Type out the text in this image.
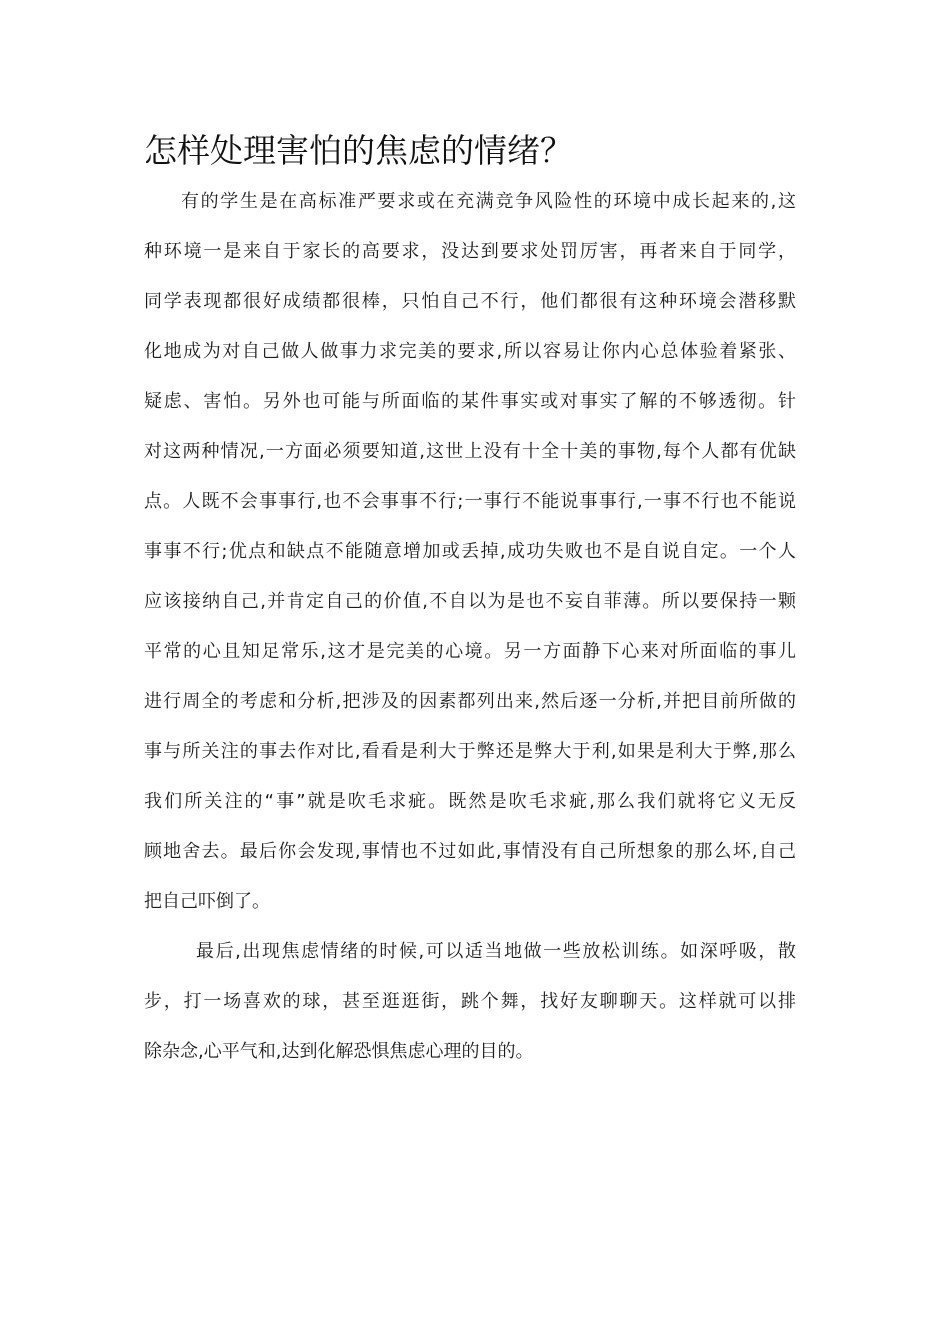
怎样处理害怕的焦虑的情绪？
有的学生是在高标准严要求或在充满竞争风险性的环境中成长起来的,这
种环境一是来自于家长的高要求，没达到要求处罚厉害，再者来自于同学，
同学表现都很好成绩都很棒，只怕自己不行，他们都很有这种环境会潜移默
化地成为对自己做人做事力求完美的要求,所以容易让你内心总体验着紧张、
疑虑、害怕。另外也可能与所面临的某件事实或对事实了解的不够透彻。针
对这两种情况,一方面必须要知道,这世上没有十全十美的事物,每个人都有优缺
点。人既不会事事行,也不会事事不行;一事行不能说事事行,一事不行也不能说
事事不行;优点和缺点不能随意增加或丢掉,成功失败也不是自说自定。一个人
应该接纳自己,并肯定自己的价值,不自以为是也不妄自菲薄。所以要保持一颗
平常的心且知足常乐,这才是完美的心境。另一方面静下心来对所面临的事儿
进行周全的考虑和分析,把涉及的因素都列出来,然后逐一分析,并把目前所做的
事与所关注的事去作对比,看看是利大于弊还是弊大于利,如果是利大于弊,那么
我们所关注的“事”就是吹毛求疵。既然是吹毛求疵,那么我们就将它义无反
顾地舍去。最后你会发现,事情也不过如此,事情没有自己所想象的那么坏,自己
把自己吓倒了。
最后,出现焦虑情绪的时候,可以适当地做一些放松训练。如深呼吸，散
步，打一场喜欢的球，甚至逛逛街，跳个舞，找好友聊聊天。这样就可以排
除杂念,心平气和,达到化解恐惧焦虑心理的目的。
